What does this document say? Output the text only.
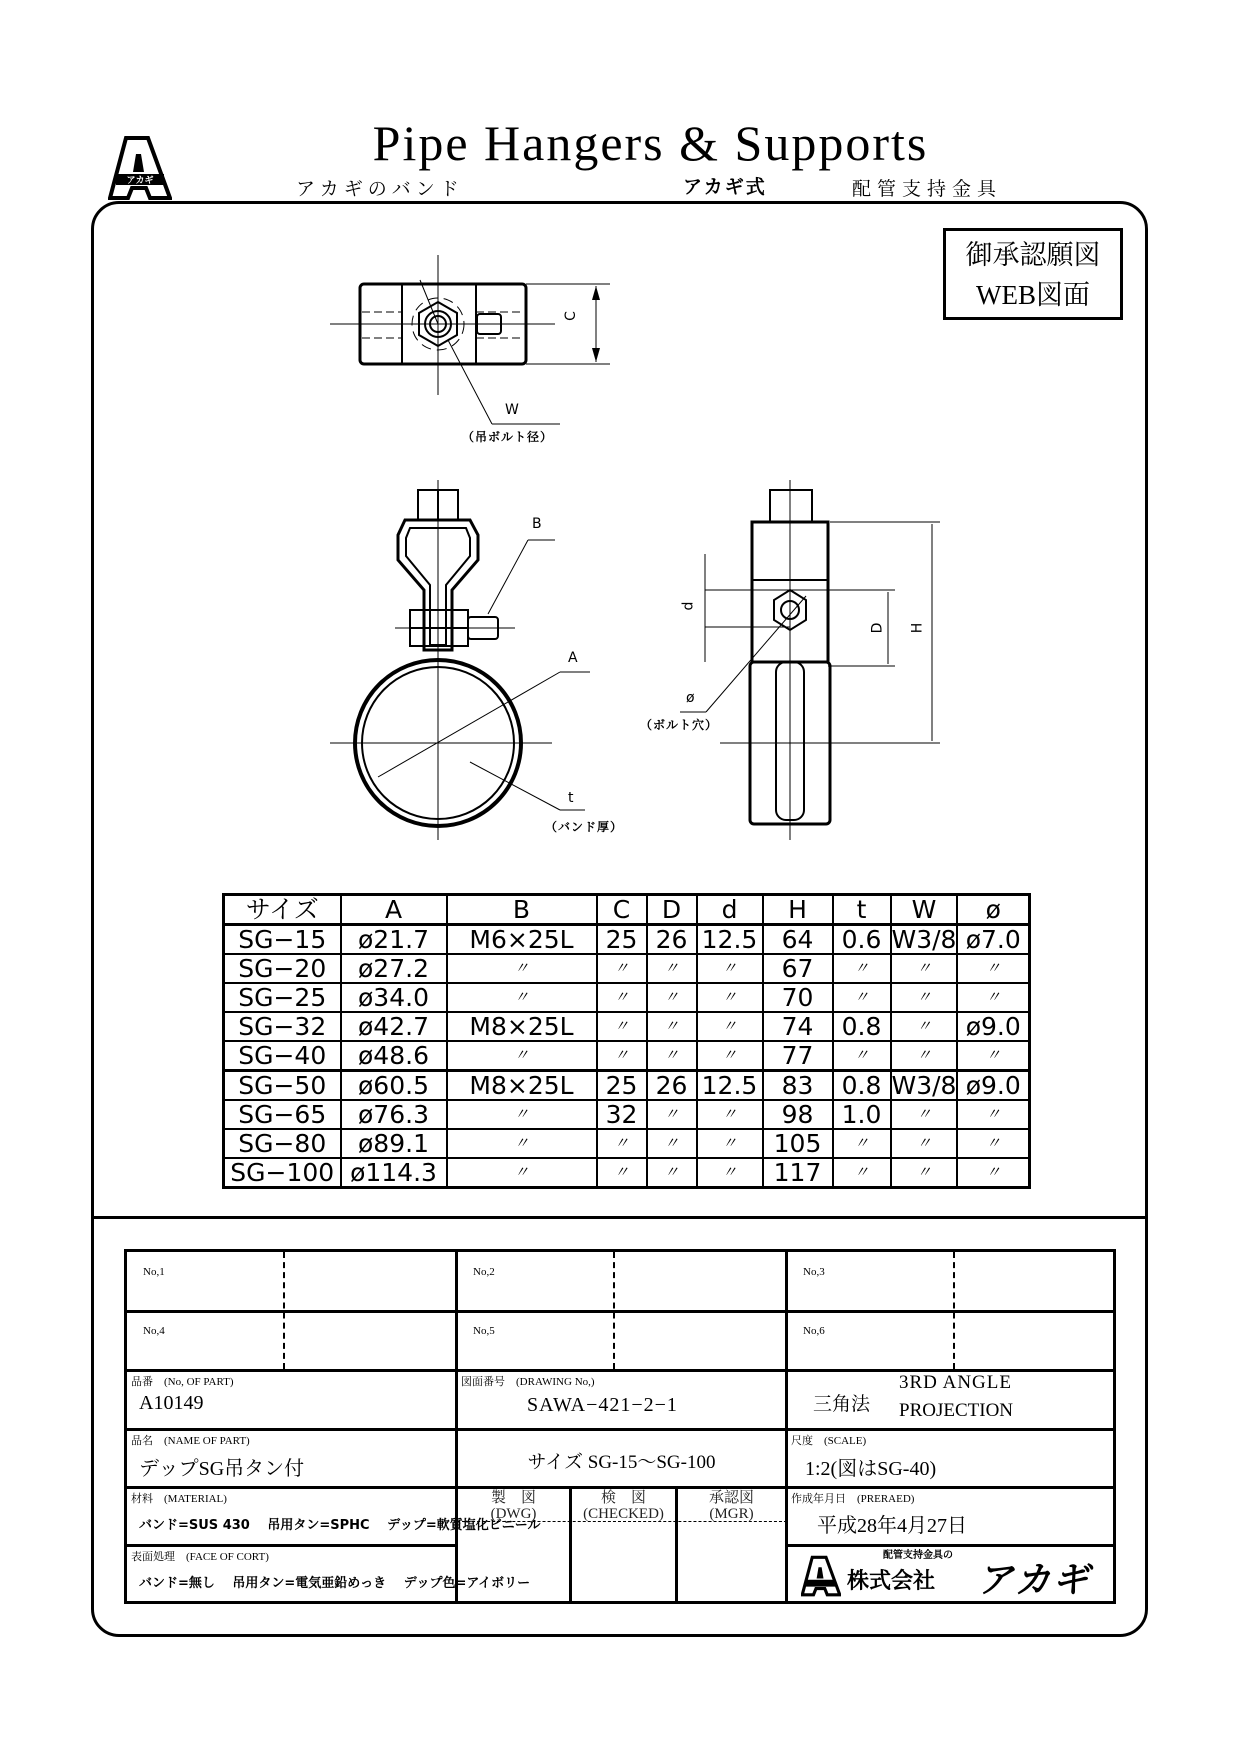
アカギ
Pipe Hangers & Supports
アカギのバンド	アカギ式	配管支持金具
御承認願図
WEB図面
C
W
（吊ボルト径）
B
A
t
（バンド厚）
d
D H
ø
（ボルト穴）
サイズ	A	B	C	D	d	H	t	W	ø
SG−15	ø21.7	M6×25L	25	26	12.5	64	0.6	W3/8	ø7.0
SG−20	ø27.2	〃	〃	〃	〃	67	〃	〃	〃
SG−25	ø34.0	〃	〃	〃	〃	70	〃	〃	〃
SG−32	ø42.7	M8×25L	〃	〃	〃	74	0.8	〃	ø9.0
SG−40	ø48.6	〃	〃	〃	〃	77	〃	〃	〃
SG−50	ø60.5	M8×25L	25	26	12.5	83	0.8	W3/8	ø9.0
SG−65	ø76.3	〃	32	〃	〃	98	1.0	〃	〃
SG−80	ø89.1	〃	〃	〃	〃	105	〃	〃	〃
SG−100	ø114.3	〃	〃	〃	〃	117	〃	〃	〃
No,1	No,2	No,3
No,4	No,5	No,6
品番　(No, OF PART)
A10149
図面番号　(DRAWING No,)
SAWA−421−2−1	三角法
3RD ANGLE
PROJECTION
品名　(NAME OF PART)
デップSG吊タン付	サイズ SG-15〜SG-100
尺度　(SCALE)
1:2(図はSG-40)
材料　(MATERIAL)
バンド=SUS 430　 吊用タン=SPHC　 デップ=軟質塩化ビニール
製　図
(DWG)
検　図
(CHECKED)
承認図
(MGR)
作成年月日　(PRERAED)
平成28年4月27日
表面処理　(FACE OF CORT)
バンド=無し　 吊用タン=電気亜鉛めっき　 デップ色=アイボリー
配管支持金具の
株式会社 アカギ
